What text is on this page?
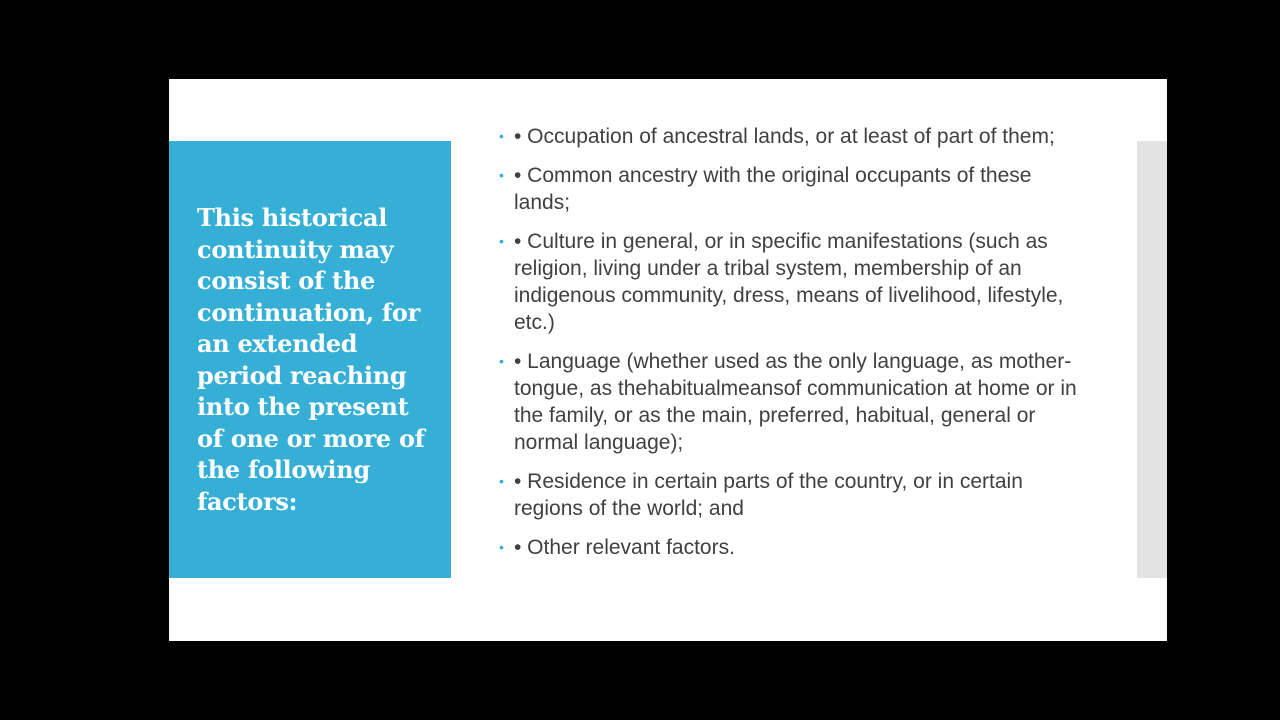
This historical continuity may consist of the continuation, for an extended period reaching into the present of one or more of the following factors:

• • Occupation of ancestral lands, or at least of part of them;
• • Common ancestry with the original occupants of these lands;
• • Culture in general, or in specific manifestations (such as religion, living under a tribal system, membership of an indigenous community, dress, means of livelihood, lifestyle, etc.)
• • Language (whether used as the only language, as mother-tongue, as thehabitualmeansof communication at home or in the family, or as the main, preferred, habitual, general or normal language);
• • Residence in certain parts of the country, or in certain regions of the world; and
• • Other relevant factors.
